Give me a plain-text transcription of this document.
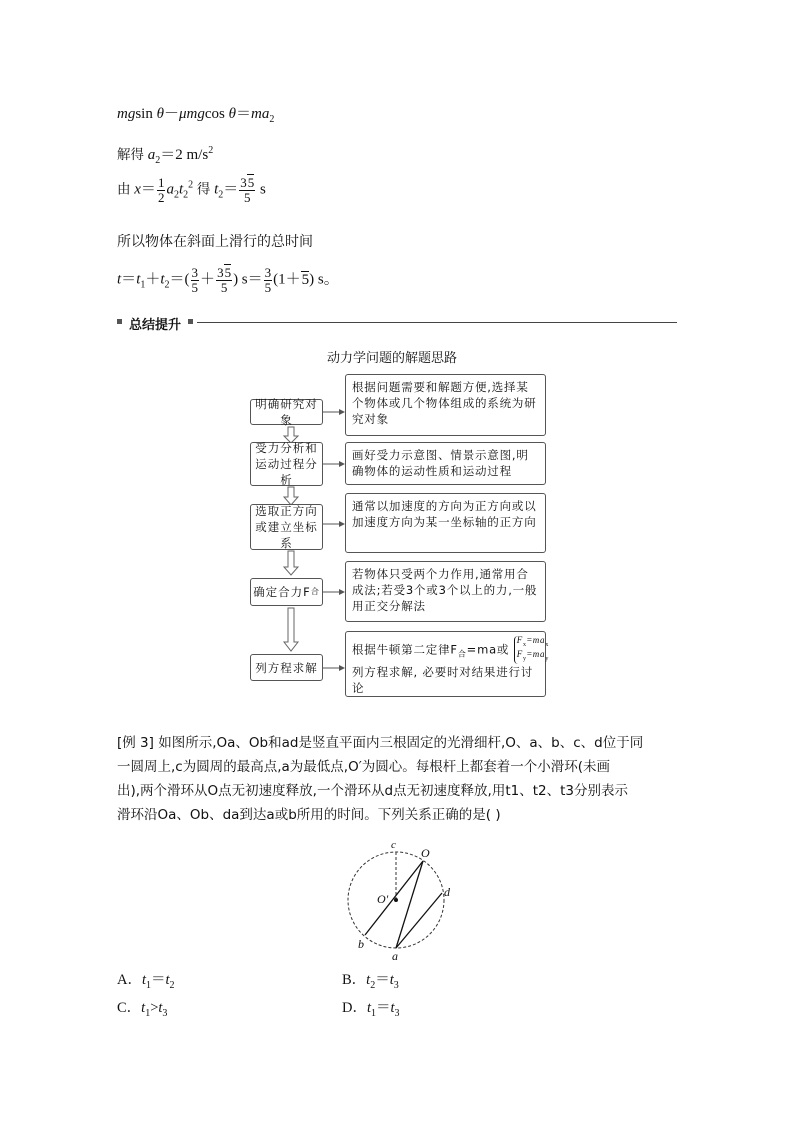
mgsin θ－μmgcos $\theta=ma_2$
解得 $a_2=2$ $m/s^2$
由 $x= \frac{1}{2} a_2t_2^2$ 得 $t_2= \frac{35}{5}$ s
所以物体在斜面上滑行的总时间
$t=t_1+t_2=( \frac{3}{5} + \frac{35}{5}$ ) $s= \frac{3}{5} (1+5)$ s。
总结提升
动力学问题的解题思路
明确研究对象
根据问题需要和解题方便,选择某个物体或几个物体组成的系统为研究对象
受力分析和
运动过程分析
画好受力示意图、情景示意图,明确物体的运动性质和运动过程
选取正方向
或建立坐标系
通常以加速度的方向为正方向或以加速度方向为某一坐标轴的正方向
确定合力F 合
若物体只受两个力作用,通常用合成法;若受3个或3个以上的力,一般用正交分解法
列方程求解
根据牛顿第二定律$F_合=ma$或 $F_x=ma_x$
$F_y=ma_y$
列方程求解, 必要时对结果进行讨论
[例 3] 如图所示,Oa、Ob和ad是竖直平面内三根固定的光滑细杆,O、a、b、c、d位于同
一圆周上,c为圆周的最高点,a为最低点,O′为圆心。每根杆上都套着一个小滑环(未画
出),两个滑环从O点无初速度释放,一个滑环从d点无初速度释放,用t1、t2、t3分别表示
滑环沿Oa、Ob、da到达a或b所用的时间。下列关系正确的是( )
c
O
O′	d
b
a
A．$t_1=t_2$	B．$t_2=t_3$
C．$t_1>t_3$	D．$t_1=t_3$
